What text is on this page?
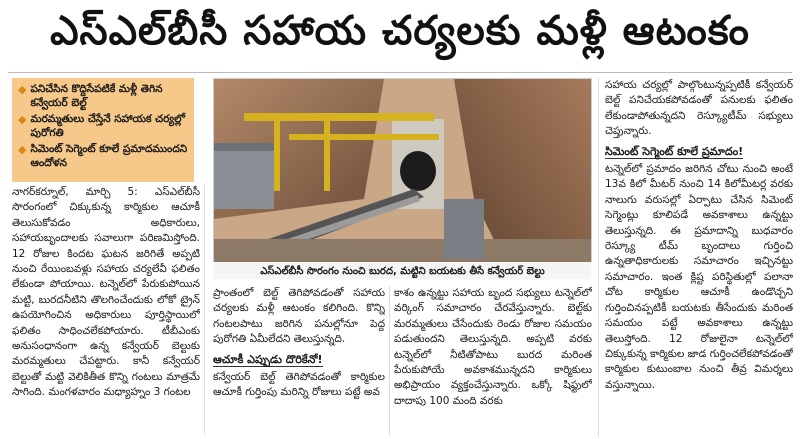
ఎస్‌ఎల్‌బీసీ సహాయ చర్యలకు మళ్లీ ఆటంకం
◆ పనిచేసిన కొద్దిసేపటికే మళ్లీ తెగిన కన్వేయర్‌ బెల్ట్‌
◆ మరమ్మతులు చేస్తేనే సహాయక చర్యల్లో పురోగతి
◆ సిమెంట్‌ సెగ్మెంట్‌ కూలే ప్రమాదముందని ఆందోళన
ఎస్‌ఎల్‌బీసీ సొరంగం నుంచి బురద, మట్టిని బయటకు తీసే కన్వేయర్‌ బెల్టు

నాగర్‌కర్నూల్‌, మార్చి 5: ఎస్‌ఎల్‌బీసీ సొరంగంలో చిక్కుకున్న కార్మికుల ఆచూకీ తెలుసుకోవడం అధికారులు, సహాయబృందాలకు సవాలుగా పరిణమిస్తోంది. 12 రోజుల కిందట ఘటన జరిగితే అప్పటి నుంచి రేయింబవళ్లు సహాయ చర్యలేవీ ఫలితం లేకుండా పోయాయి. టన్నెల్‌లో పేరుకుపోయిన మట్టి, బురదనీటిని తొలగించేందుకు లోకో ట్రైన్‌ ఉపయోగించిన అధికారులు పూర్తిస్థాయిలో ఫలితం సాధించలేకపోయారు. టీబీఎంకు అనుసంధానంగా ఉన్న కన్వేయర్‌ బెల్టుకు మరమ్మతులు చేపట్టారు. కానీ కన్వేయర్‌ బెల్టుతో మట్టి వెలికితీత కొన్ని గంటలు మాత్రమే సాగింది. మంగళవారం మధ్యాహ్నం 3 గంటల

ప్రాంతంలో బెల్ట్‌ తెగిపోవడంతో సహాయ చర్యలకు మళ్లీ ఆటంకం కలిగింది. కొన్ని గంటలపాటు జరిగిన పనుల్లోనూ పెద్ద పురోగతి ఏమీలేదని తెలుస్తున్నది.

ఆచూకీ ఎప్పుడు దొరికేనో!

కన్వేయర్‌ బెల్ట్‌ తెగిపోవడంతో కార్మికుల ఆచూకీ గుర్తింపు మరిన్ని రోజులు పట్టే అవ

కాశం ఉన్నట్టు సహాయ బృంద సభ్యులు టన్నెల్‌లో వర్కింగ్‌ సమాచారం చేరవేస్తున్నారు. బెల్ట్‌కు మరమ్మతులు చేసేందుకు రెండు రోజుల సమయం పడుతుందని తెలుస్తున్నది. అప్పటి వరకు టన్నెల్‌లో నీటితోపాటు బురద మరింత పేరుకుపోయే అవకాశమున్నదని కార్మికులు అభిప్రాయం వ్యక్తంచేస్తున్నారు. ఒక్కో షిఫ్టులో దాదాపు 100 మంది వరకు

సహాయ చర్యల్లో పాల్గొంటున్నప్పటికీ కన్వేయర్‌ బెల్ట్‌ పనిచేయకపోవడంతో పనులకు ఫలితం లేకుండాపోతున్నదని రెస్క్యూటీమ్‌ సభ్యులు చెప్తున్నారు.

సిమెంట్‌ సెగ్మెంట్‌ కూలే ప్రమాదం!

టన్నెల్‌లో ప్రమాదం జరిగిన చోటు నుంచి అంటే 13వ కిలో మీటర్‌ నుంచి 14 కిలోమీటర్ల వరకు నాలుగు వరుసల్లో ఏర్పాటు చేసిన సిమెంట్‌ సెగ్మెంట్లు కూలిపడే అవకాశాలు ఉన్నట్టు తెలుస్తున్నది. ఈ ప్రమాదాన్ని బుధవారం రెస్క్యూ టీమ్‌ బృందాలు గుర్తించి ఉన్నతాధికారులకు సమాచారం ఇచ్చినట్టు సమాచారం. ఇంత క్లిష్ట పరిస్థితుల్లో పలానా చోట కార్మికుల ఆచూకీ ఉండొచ్చని గుర్తించినప్పటికీ బయటకు తీసేందుకు మరింత సమయం పట్టే అవకాశాలు ఉన్నట్టు తెలుస్తోంది. 12 రోజులైనా టన్నెల్‌లో చిక్కుకున్న కార్మికుల జాడ గుర్తించలేకపోవడంతో కార్మికుల కుటుంబాల నుంచి తీవ్ర విమర్శలు వస్తున్నాయి.
